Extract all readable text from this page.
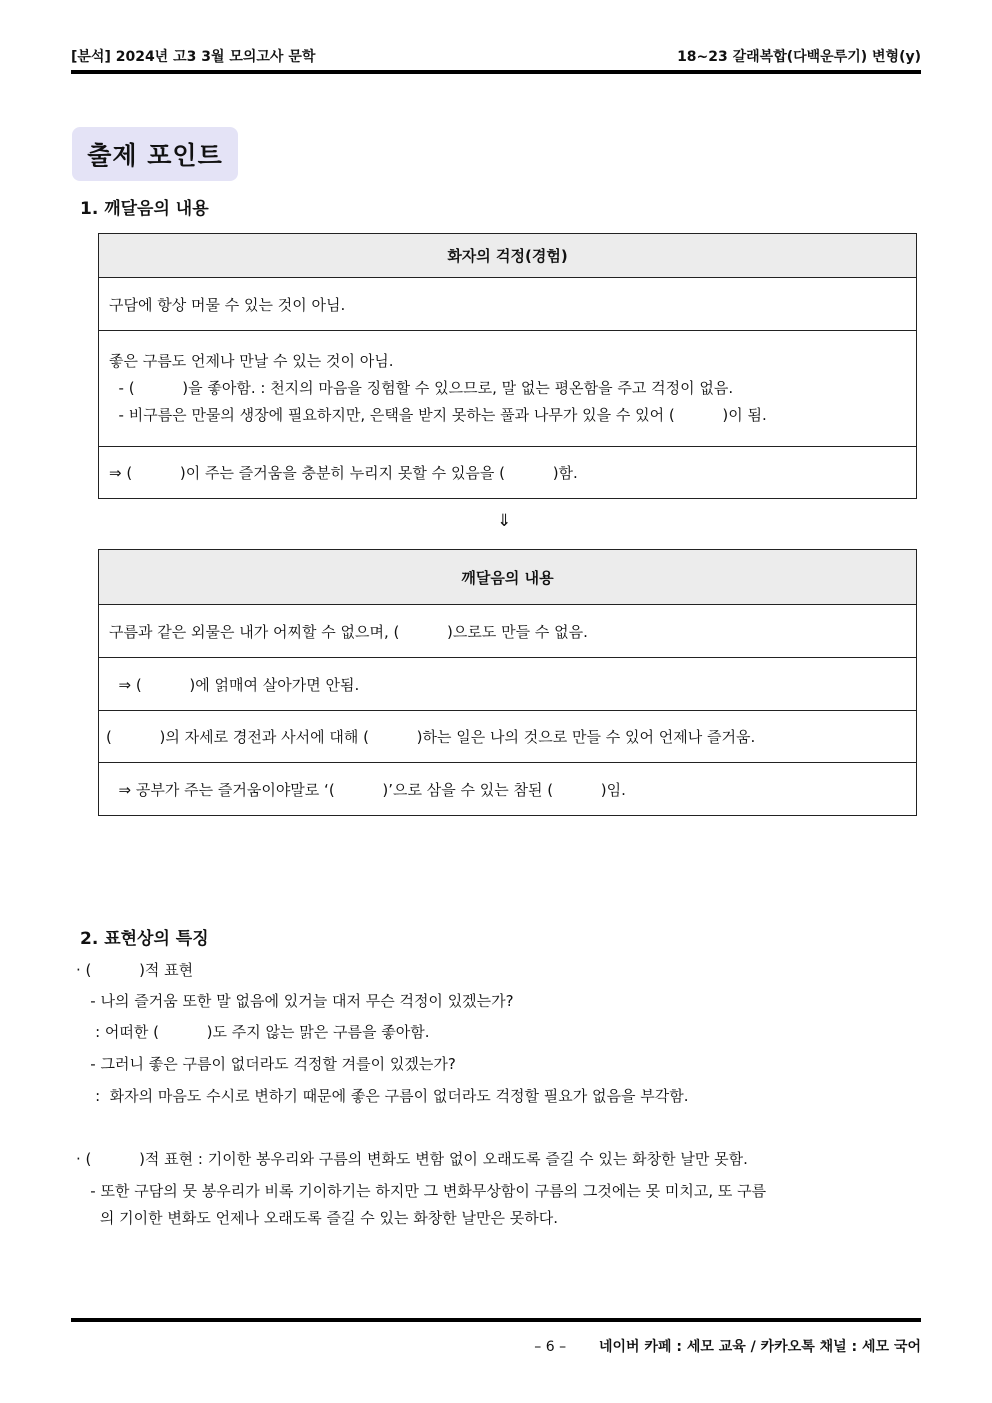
[분석] 2024년 고3 3월 모의고사 문학	18~23 갈래복합(다백운루기) 변형(y)
출제 포인트
1. 깨달음의 내용
화자의 걱정(경험)
구담에 항상 머물 수 있는 것이 아님.
좋은 구름도 언제나 만날 수 있는 것이 아님.
- (          )을 좋아함. : 천지의 마음을 징험할 수 있으므로, 말 없는 평온함을 주고 걱정이 없음.
- 비구름은 만물의 생장에 필요하지만, 은택을 받지 못하는 풀과 나무가 있을 수 있어 (          )이 됨.
⇒ (          )이 주는 즐거움을 충분히 누리지 못할 수 있음을 (          )함.
⇓
깨달음의 내용
구름과 같은 외물은 내가 어찌할 수 없으며, (          )으로도 만들 수 없음.
⇒ (          )에 얽매여 살아가면 안됨.
(          )의 자세로 경전과 사서에 대해 (          )하는 일은 나의 것으로 만들 수 있어 언제나 즐거움.
⇒ 공부가 주는 즐거움이야말로 ‘(          )’으로 삼을 수 있는 참된 (          )임.
2. 표현상의 특징
· (          )적 표현
- 나의 즐거움 또한 말 없음에 있거늘 대저 무슨 걱정이 있겠는가?
: 어떠한 (          )도 주지 않는 맑은 구름을 좋아함.
- 그러니 좋은 구름이 없더라도 걱정할 겨를이 있겠는가?
:  화자의 마음도 수시로 변하기 때문에 좋은 구름이 없더라도 걱정할 필요가 없음을 부각함.
· (          )적 표현 : 기이한 봉우리와 구름의 변화도 변함 없이 오래도록 즐길 수 있는 화창한 날만 못함.
- 또한 구담의 뭇 봉우리가 비록 기이하기는 하지만 그 변화무상함이 구름의 그것에는 못 미치고, 또 구름
의 기이한 변화도 언제나 오래도록 즐길 수 있는 화창한 날만은 못하다.
– 6 – 네이버 카페 : 세모 교육 / 카카오톡 채널 : 세모 국어
